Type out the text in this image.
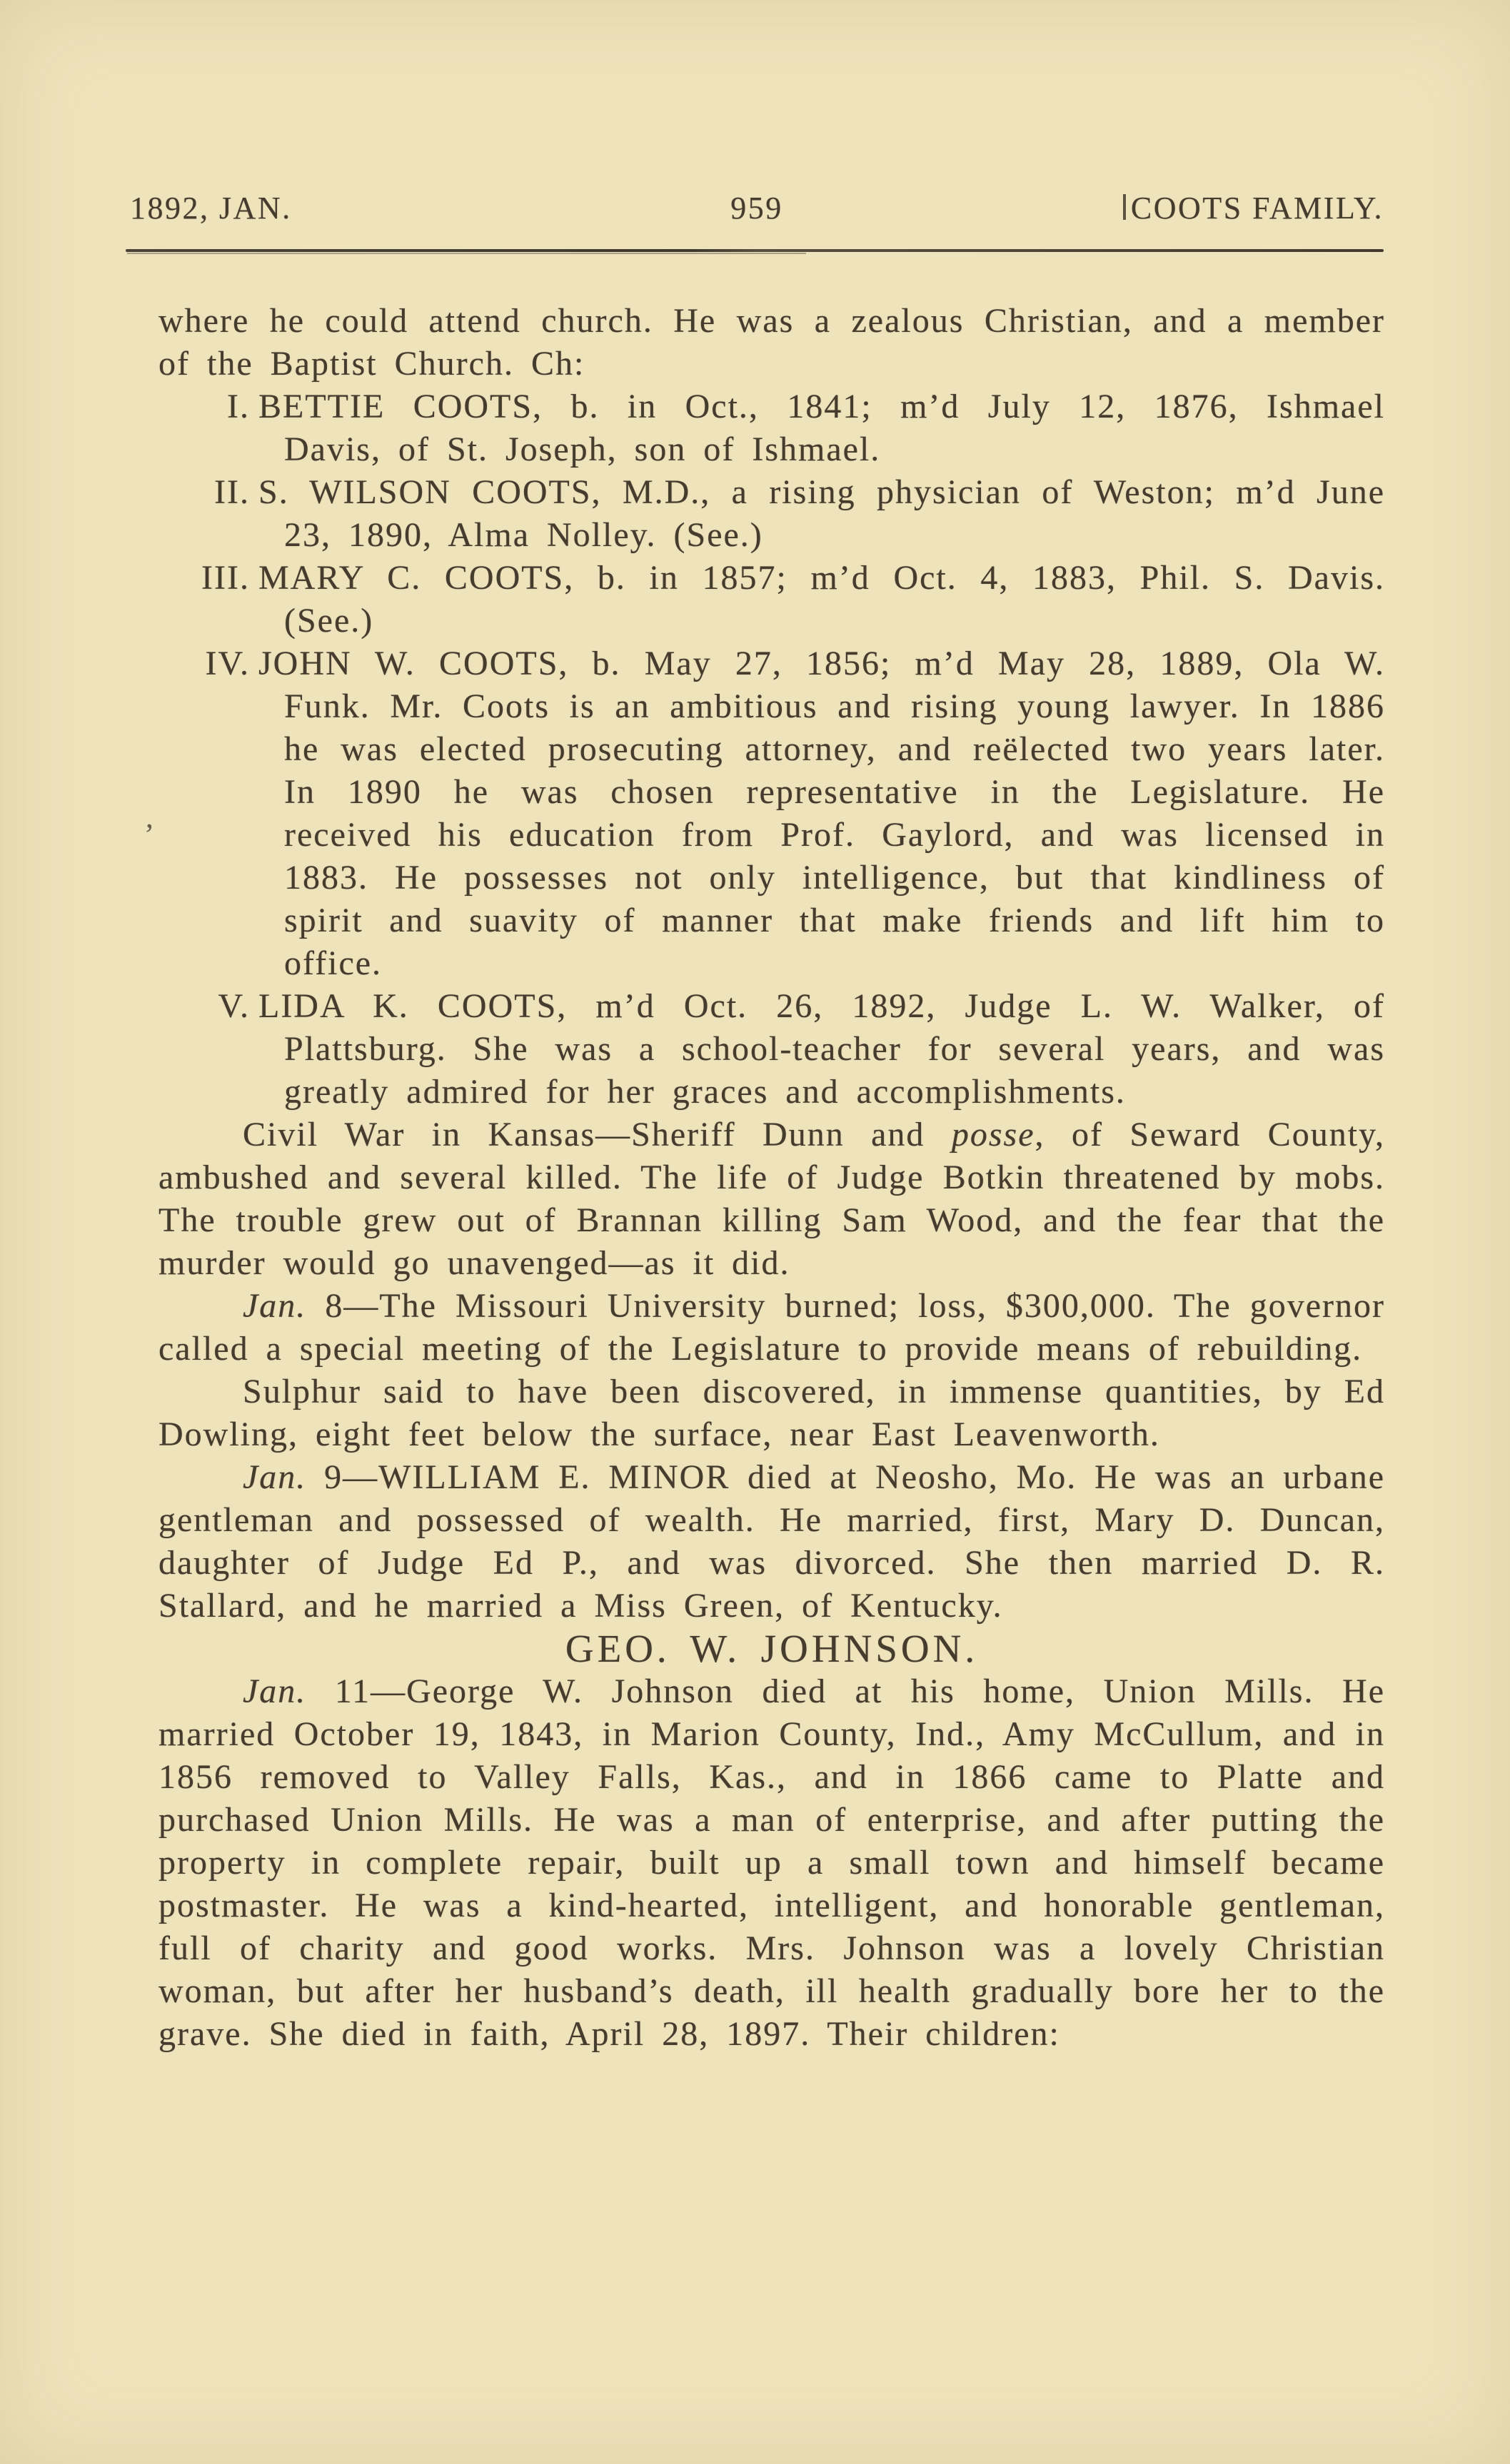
1892, JAN.	959	COOTS FAMILY.

where he could attend church. He was a zealous Christian, and a member of the Baptist Church. Ch:

I. BETTIE COOTS, b. in Oct., 1841; m’d July 12, 1876, Ishmael Davis, of St. Joseph, son of Ishmael.
II. S. WILSON COOTS, M.D., a rising physician of Weston; m’d June 23, 1890, Alma Nolley. (See.)
III. MARY C. COOTS, b. in 1857; m’d Oct. 4, 1883, Phil. S. Davis. (See.)
IV. JOHN W. COOTS, b. May 27, 1856; m’d May 28, 1889, Ola W. Funk. Mr. Coots is an ambitious and rising young lawyer. In 1886 he was elected prosecuting attorney, and reëlected two years later. In 1890 he was chosen representative in the Legislature. He received his education from Prof. Gaylord, and was licensed in 1883. He possesses not only intelligence, but that kindliness of spirit and suavity of manner that make friends and lift him to office.
V. LIDA K. COOTS, m’d Oct. 26, 1892, Judge L. W. Walker, of Plattsburg. She was a school-teacher for several years, and was greatly admired for her graces and accomplishments.

Civil War in Kansas—Sheriff Dunn and posse, of Seward County, ambushed and several killed. The life of Judge Botkin threatened by mobs. The trouble grew out of Brannan killing Sam Wood, and the fear that the murder would go unavenged—as it did.

Jan. 8—The Missouri University burned; loss, $300,000. The governor called a special meeting of the Legislature to provide means of rebuilding.

Sulphur said to have been discovered, in immense quantities, by Ed Dowling, eight feet below the surface, near East Leavenworth.

Jan. 9—WILLIAM E. MINOR died at Neosho, Mo. He was an urbane gentleman and possessed of wealth. He married, first, Mary D. Duncan, daughter of Judge Ed P., and was divorced. She then married D. R. Stallard, and he married a Miss Green, of Kentucky.

GEO. W. JOHNSON.

Jan. 11—George W. Johnson died at his home, Union Mills. He married October 19, 1843, in Marion County, Ind., Amy McCullum, and in 1856 removed to Valley Falls, Kas., and in 1866 came to Platte and purchased Union Mills. He was a man of enterprise, and after putting the property in complete repair, built up a small town and himself became postmaster. He was a kind-hearted, intelligent, and honorable gentleman, full of charity and good works. Mrs. Johnson was a lovely Christian woman, but after her husband’s death, ill health gradually bore her to the grave. She died in faith, April 28, 1897. Their children:

’
